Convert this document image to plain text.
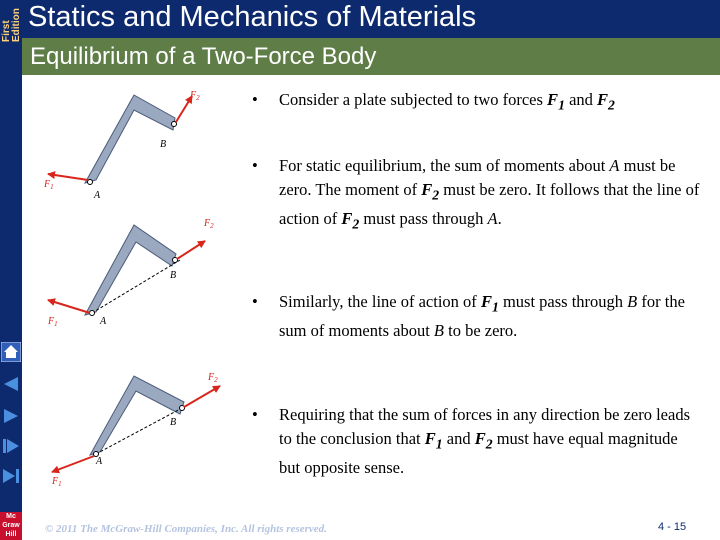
First Edition Statics and Mechanics of Materials
Equilibrium of a Two-Force Body
Mc
Graw
Hill
$F_2$
B
$F_1$
A
$F_2$
B
$F_1$	A
$F_2$
B
$F_1$
A
• Consider a plate subjected to two forces $F_1$ and $F_2$
• For static equilibrium, the sum of moments about A must be zero. The moment of $F_2$ must be zero. It follows that the line of action of $F_2$ must pass through A.
• Similarly, the line of action of $F_1$ must pass through B for the sum of moments about B to be zero.
• Requiring that the sum of forces in any direction be zero leads to the conclusion that $F_1$ and $F_2$ must have equal magnitude but opposite sense.
© 2011 The McGraw-Hill Companies, Inc. All rights reserved.	4 - 15
